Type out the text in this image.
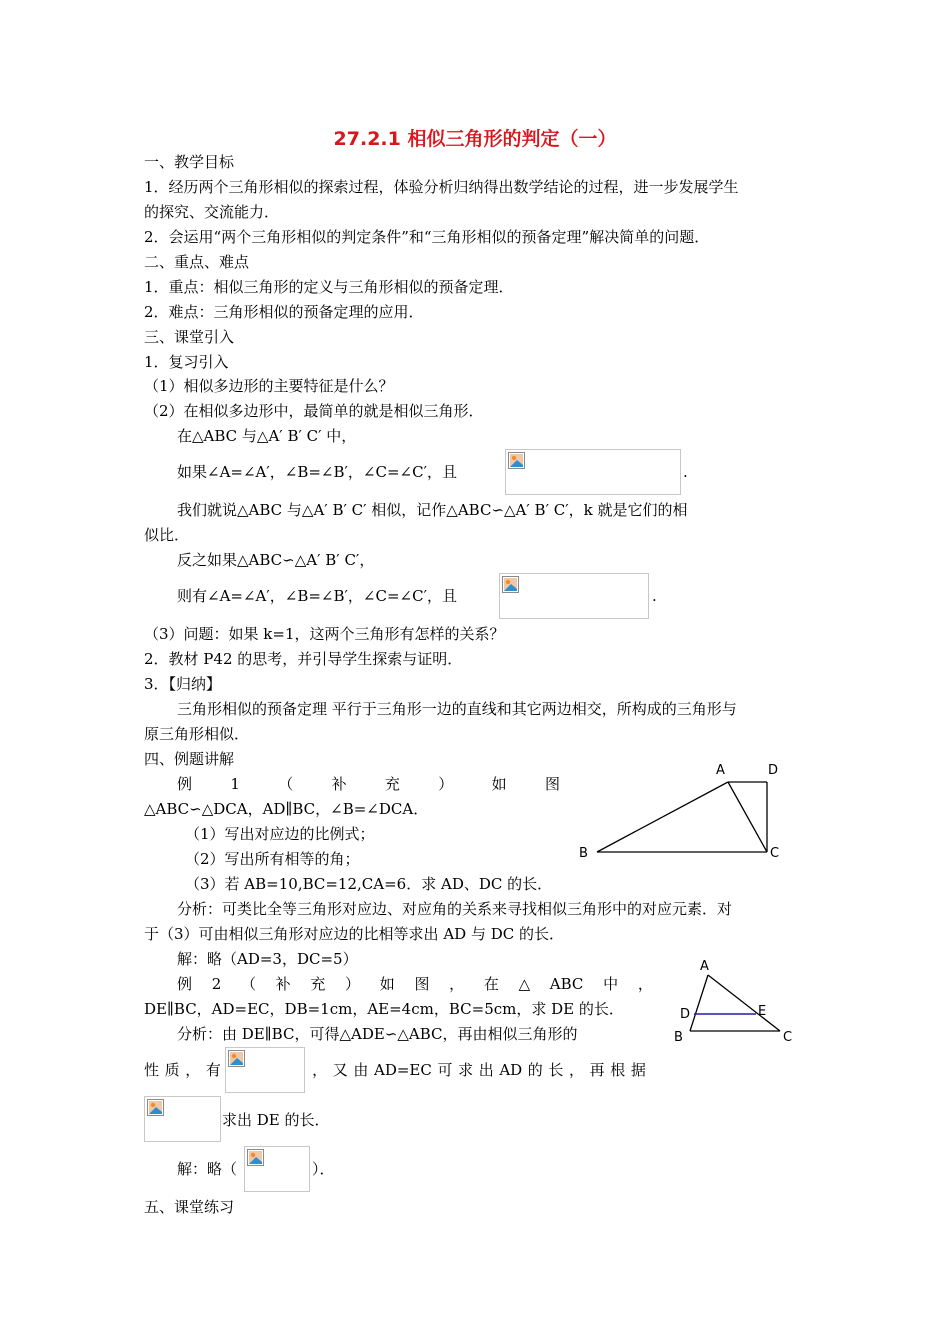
27.2.1 相似三角形的判定（一）
一、教学目标
1．经历两个三角形相似的探索过程，体验分析归纳得出数学结论的过程，进一步发展学生
的探究、交流能力．
2．会运用“两个三角形相似的判定条件”和“三角形相似的预备定理”解决简单的问题．
二、重点、难点
1．重点：相似三角形的定义与三角形相似的预备定理．
2．难点：三角形相似的预备定理的应用．
三、课堂引入
1．复习引入
（1）相似多边形的主要特征是什么？
（2）在相似多边形中，最简单的就是相似三角形．
在△ABC 与△A′ B′ C′ 中，
如果∠A=∠A′，∠B=∠B′，∠C=∠C′，且	.
我们就说△ABC 与△A′ B′ C′ 相似，记作△ABC∽△A′ B′ C′，k 就是它们的相
似比．
反之如果△ABC∽△A′ B′ C′，
则有∠A=∠A′，∠B=∠B′，∠C=∠C′，且	.
（3）问题：如果 k=1，这两个三角形有怎样的关系？
2．教材 P42 的思考，并引导学生探索与证明．
3．【归纳】
三角形相似的预备定理 平行于三角形一边的直线和其它两边相交，所构成的三角形与
原三角形相似．
四、例题讲解
例	1	（	补	充	）	如	图
△ABC∽△DCA，AD∥BC，∠B=∠DCA．
（1）写出对应边的比例式；
（2）写出所有相等的角；
（3）若 AB=10,BC=12,CA=6．求 AD、DC 的长．
分析：可类比全等三角形对应边、对应角的关系来寻找相似三角形中的对应元素．对
于（3）可由相似三角形对应边的比相等求出 AD 与 DC 的长．
解：略（AD=3，DC=5）
例 2 （ 补 充 ） 如 图 ， 在 △ ABC 中 ，
DE∥BC，AD=EC，DB=1cm，AE=4cm，BC=5cm，求 DE 的长．
分析：由 DE∥BC，可得△ADE∽△ABC，再由相似三角形的
性 质 ， 有	， 又 由 AD=EC 可 求 出 AD 的 长 ， 再 根 据
求出 DE 的长．
解：略（	）．
五、课堂练习
A	D
B	C
A
D	E
B	C
